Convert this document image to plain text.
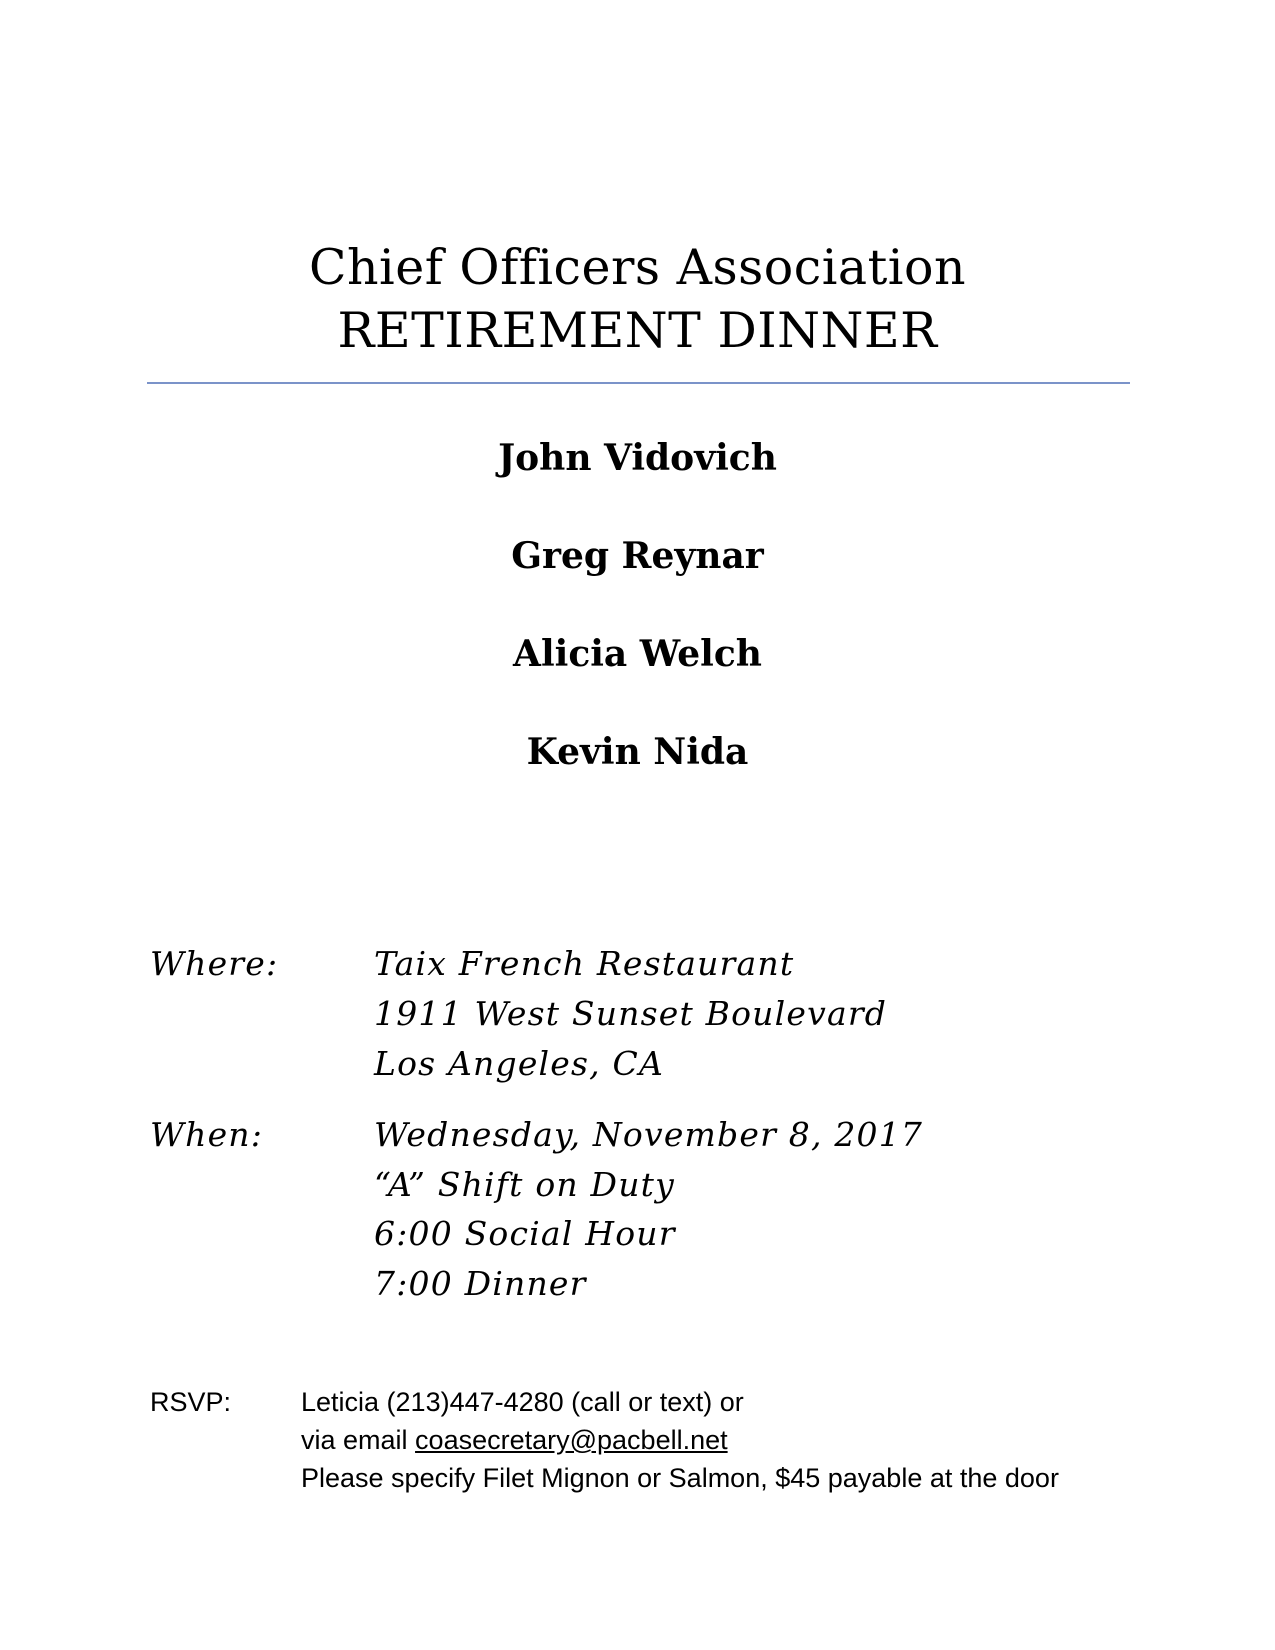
Chief Officers Association
RETIREMENT DINNER
John Vidovich
Greg Reynar
Alicia Welch
Kevin Nida
Where:	Taix French Restaurant
1911 West Sunset Boulevard
Los Angeles, CA
When:	Wednesday, November 8, 2017
“A” Shift on Duty
6:00 Social Hour
7:00 Dinner
RSVP:	Leticia (213)447-4280 (call or text) or
via email coasecretary@pacbell.net
Please specify Filet Mignon or Salmon, $45 payable at the door
